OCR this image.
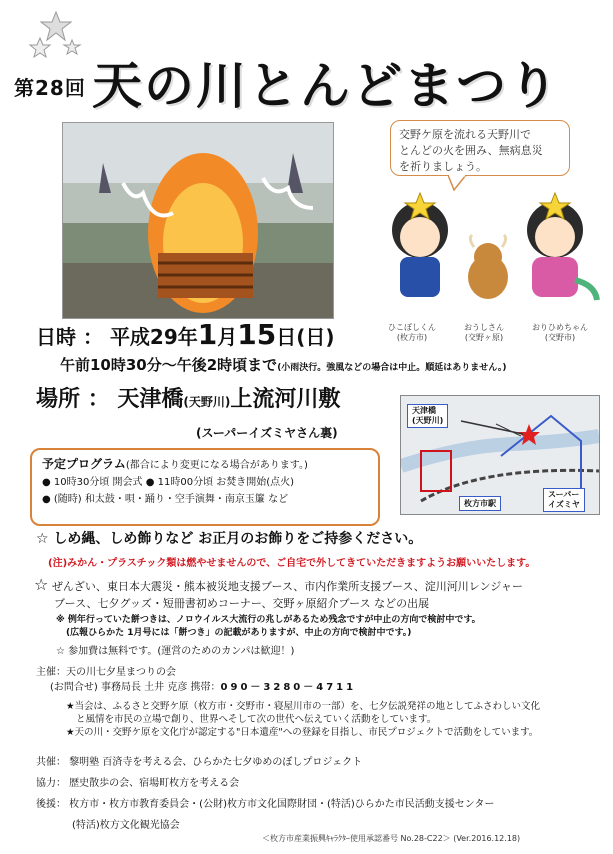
第28回 天の川とんどまつり
交野ケ原を流れる天野川で
とんどの火を囲み、無病息災
を祈りましょう。
ひこぼしくん
(枚方市)
おうしさん
(交野ヶ原)
おりひめちゃん
(交野市)
日時 ： 平成29年1月15日(日)
午前10時30分～午後2時頃まで(小雨決行。強風などの場合は中止。順延はありません。)
場所 ： 天津橋(天野川)上流河川敷
(スーパーイズミヤさん裏)
天津橋
(天野川)
枚方市駅
スーパー
イズミヤ
予定プログラム(都合により変更になる場合があります。)
● 10時30分頃 開会式 ● 11時00分頃 お焚き開始(点火)
● (随時) 和太鼓・唄・踊り・空手演舞・南京玉簾 など
☆ しめ縄、しめ飾りなど お正月のお飾りをご持参ください。
(注)みかん・プラスチック類は燃やせませんので、ご自宅で外してきていただきますようお願いいたします。
☆ ぜんざい、東日本大震災・熊本被災地支援ブース、市内作業所支援ブース、淀川河川レンジャー
ブース、七夕グッズ・短冊書初めコーナー、交野ヶ原紹介ブース などの出展
※ 例年行っていた餅つきは、ノロウイルス大流行の兆しがあるため残念ですが中止の方向で検討中です。
(広報ひらかた 1月号には「餅つき」の記載がありますが、中止の方向で検討中です。)
☆ 参加費は無料です。(運営のためのカンパは歓迎！)
主催：天の川七夕星まつりの会
(お問合せ) 事務局長 土井 克彦 携帯：090－3280－4711
★当会は、ふるさと交野ケ原（枚方市・交野市・寝屋川市の一部）を、七夕伝説発祥の地としてふさわしい文化
と風情を市民の立場で創り、世界へそして次の世代へ伝えていく活動をしています。
★天の川・交野ケ原を文化庁が認定する"日本遺産"への登録を目指し、市民プロジェクトで活動をしています。
共催： 黎明塾 百済寺を考える会、ひらかた七夕ゆめのぼしプロジェクト
協力： 歴史散歩の会、宿場町枚方を考える会
後援： 枚方市・枚方市教育委員会・(公財)枚方市文化国際財団・(特活)ひらかた市民活動支援センター
(特活)枚方文化観光協会
＜枚方市産業振興ｷｬﾗｸﾀｰ使用承認番号 No.28-C22＞ (Ver.2016.12.18)
